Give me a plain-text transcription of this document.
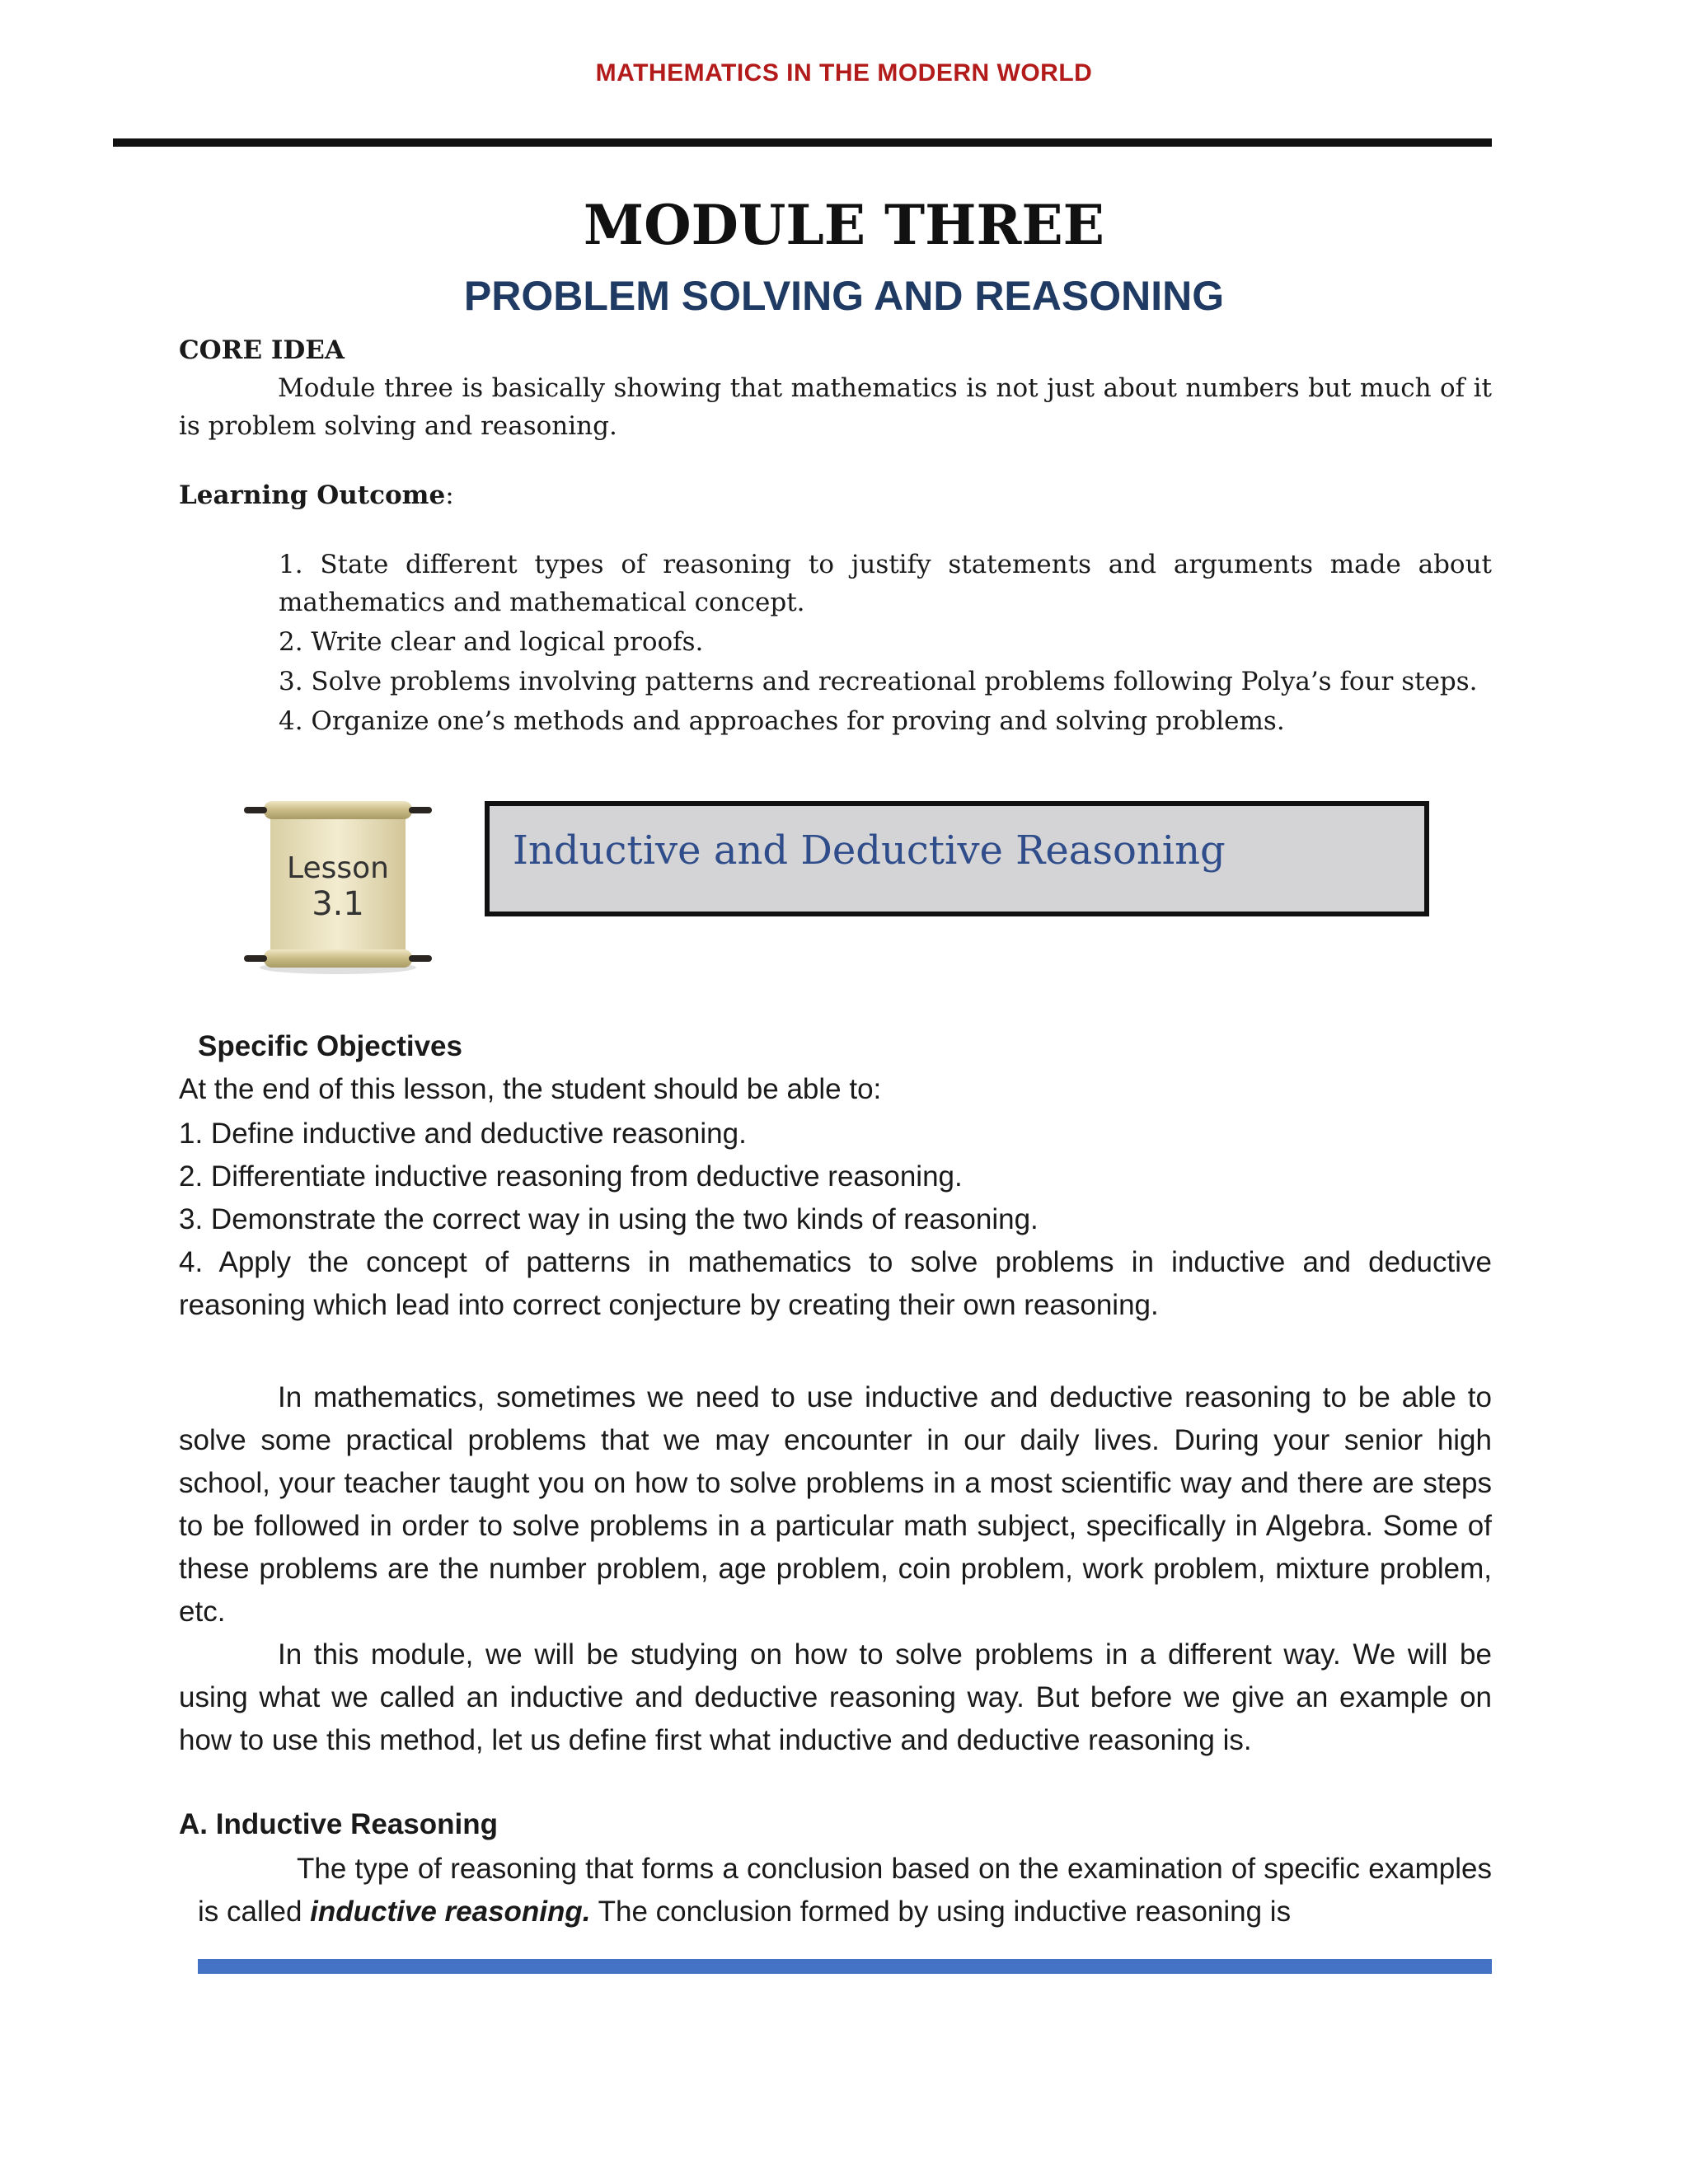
MATHEMATICS IN THE MODERN WORLD
MODULE THREE
PROBLEM SOLVING AND REASONING
CORE IDEA
Module three is basically showing that mathematics is not just about numbers but much of it is problem solving and reasoning.
Learning Outcome:
1. State different types of reasoning to justify statements and arguments made about mathematics and mathematical concept.
2. Write clear and logical proofs.
3. Solve problems involving patterns and recreational problems following Polya’s four steps.
4. Organize one’s methods and approaches for proving and solving problems.
Lesson
3.1
Inductive and Deductive Reasoning
Specific Objectives
At the end of this lesson, the student should be able to:
1. Define inductive and deductive reasoning.
2. Differentiate inductive reasoning from deductive reasoning.
3. Demonstrate the correct way in using the two kinds of reasoning.
4. Apply the concept of patterns in mathematics to solve problems in inductive and deductive reasoning which lead into correct conjecture by creating their own reasoning.
In mathematics, sometimes we need to use inductive and deductive reasoning to be able to solve some practical problems that we may encounter in our daily lives. During your senior high school, your teacher taught you on how to solve problems in a most scientific way and there are steps to be followed in order to solve problems in a particular math subject, specifically in Algebra. Some of these problems are the number problem, age problem, coin problem, work problem, mixture problem, etc.
In this module, we will be studying on how to solve problems in a different way. We will be using what we called an inductive and deductive reasoning way. But before we give an example on how to use this method, let us define first what inductive and deductive reasoning is.
A. Inductive Reasoning
The type of reasoning that forms a conclusion based on the examination of specific examples is called inductive reasoning. The conclusion formed by using inductive reasoning is
